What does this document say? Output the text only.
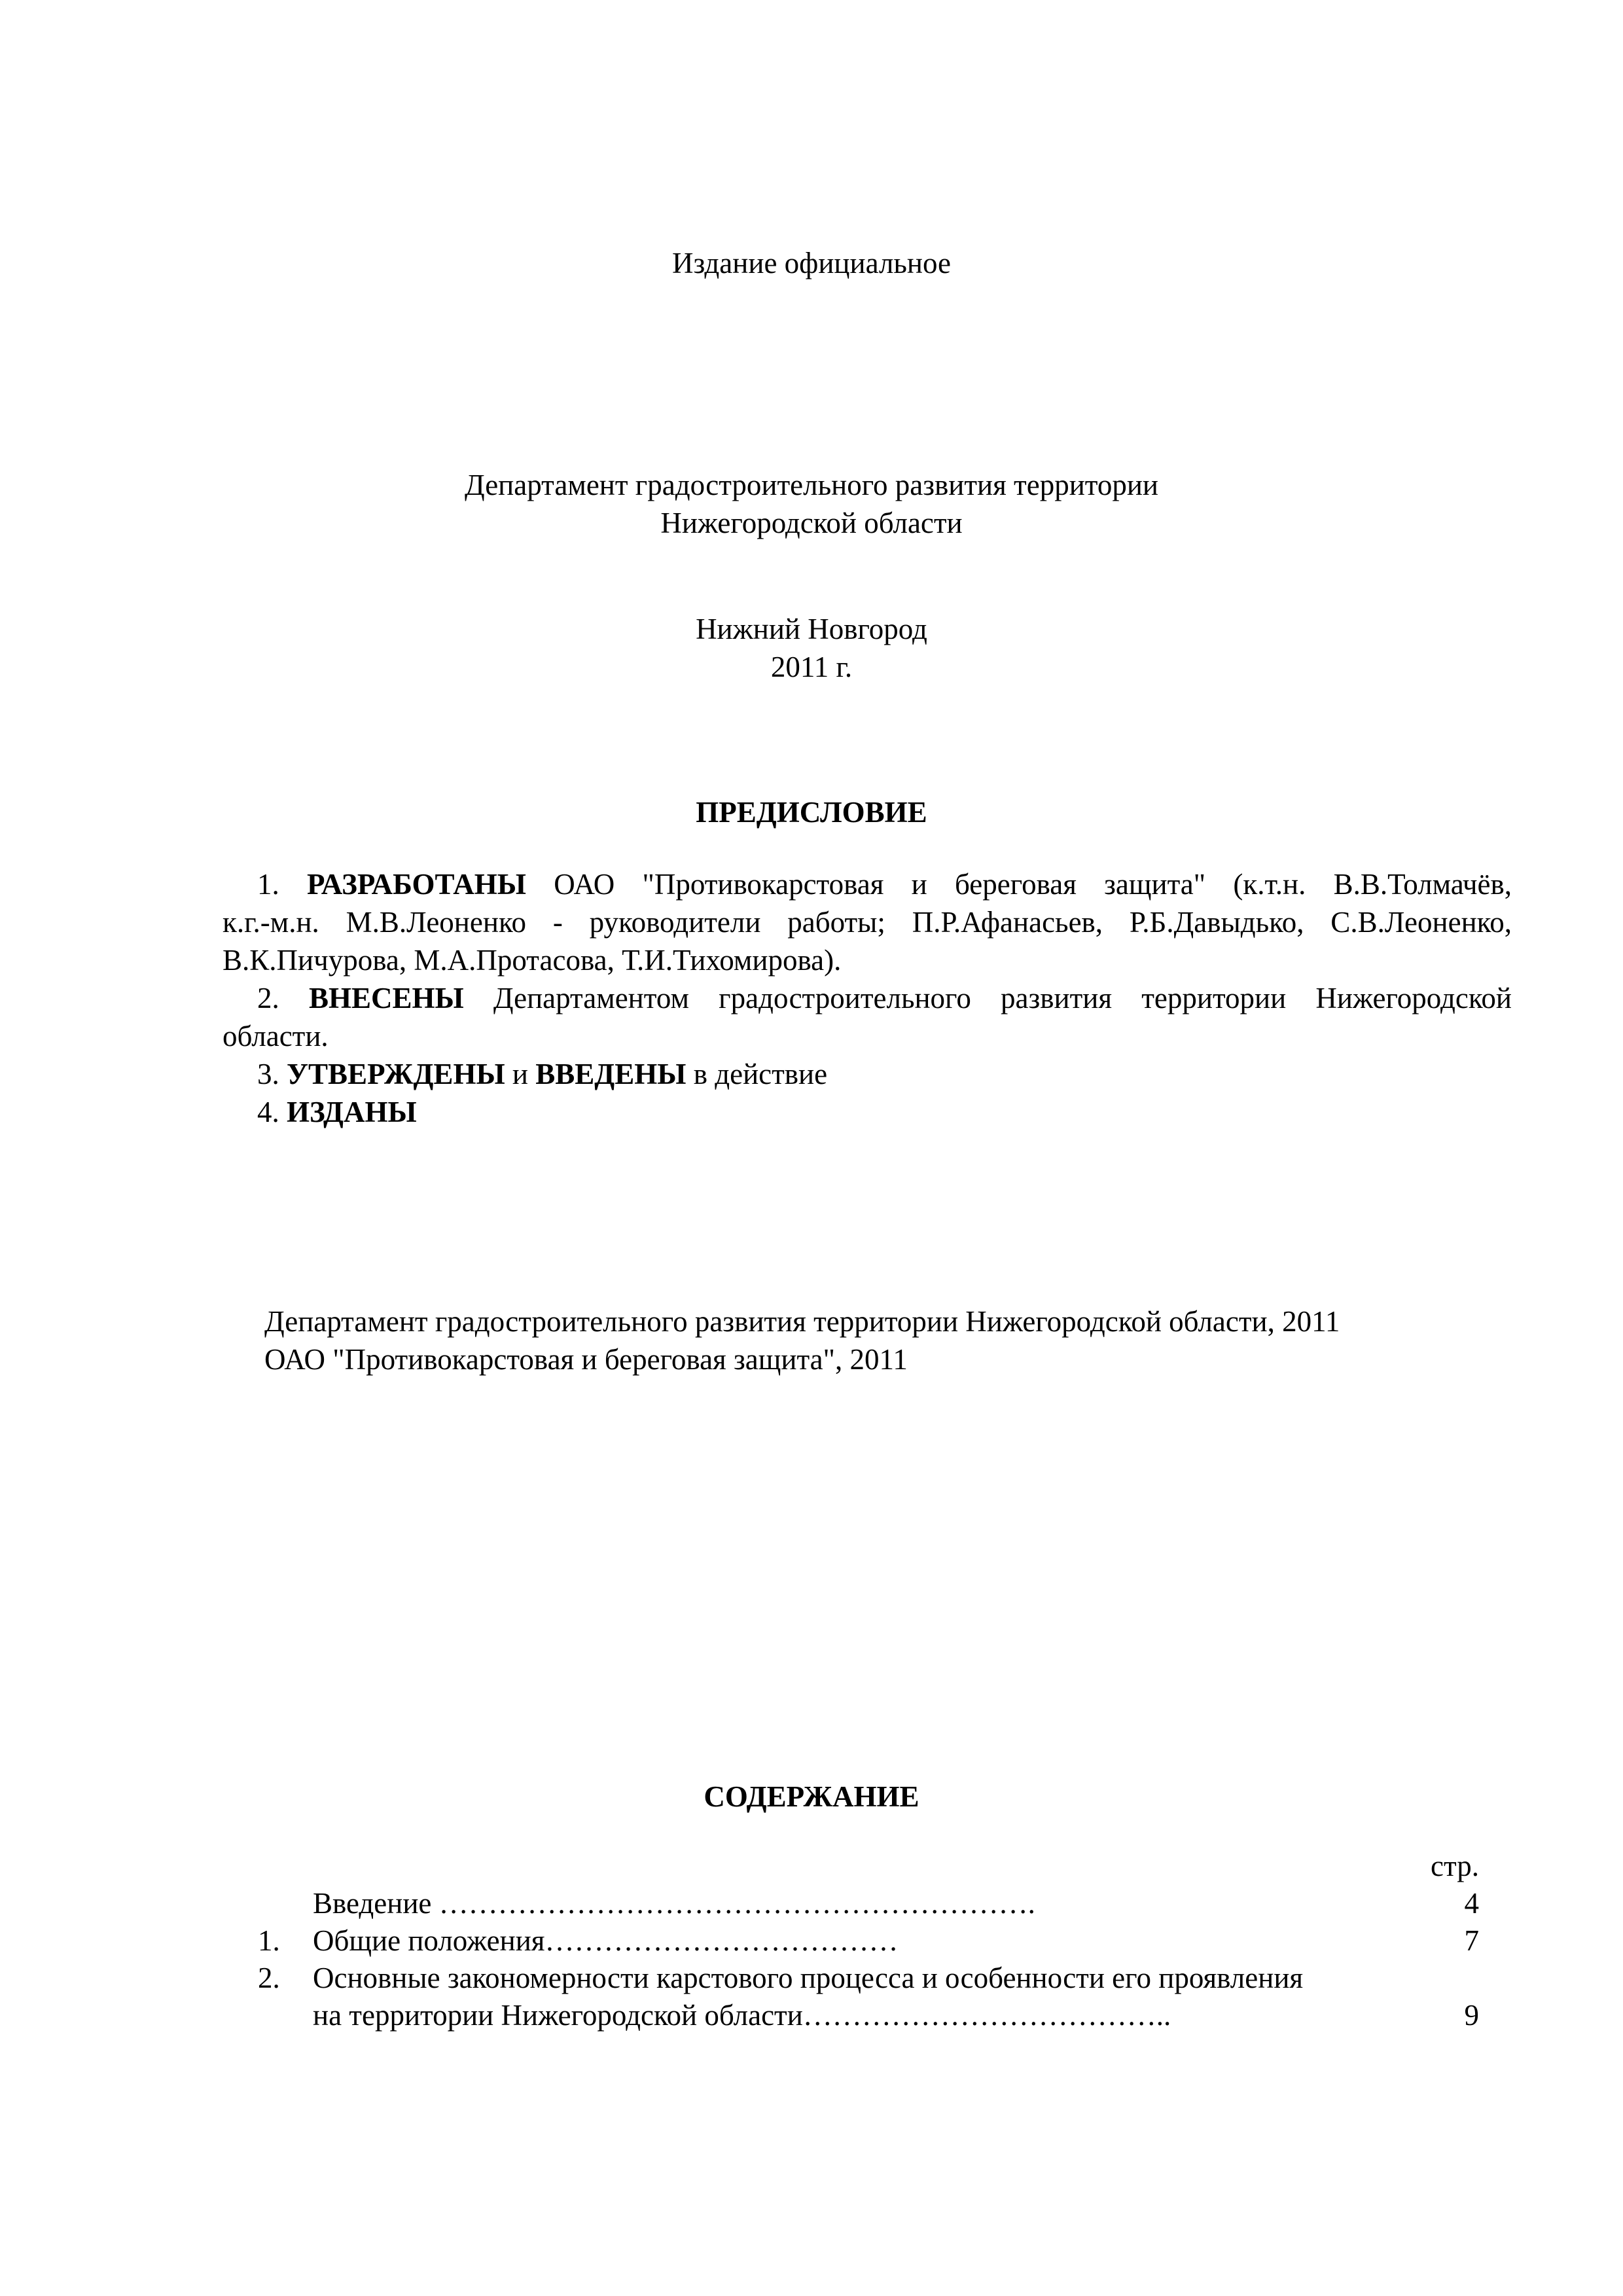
Издание официальное
Департамент градостроительного развития территории
Нижегородской области
Нижний Новгород
2011 г.
ПРЕДИСЛОВИЕ

1. РАЗРАБОТАНЫ ОАО "Противокарстовая и береговая защита" (к.т.н. В.В.Толмачёв,

к.г.-м.н. М.В.Леоненко - руководители работы; П.Р.Афанасьев, Р.Б.Давыдько, С.В.Леоненко,

В.К.Пичурова, М.А.Протасова, Т.И.Тихомирова).

2. ВНЕСЕНЫ Департаментом градостроительного развития территории Нижегородской

области.

3. УТВЕРЖДЕНЫ и ВВЕДЕНЫ в действие

4. ИЗДАНЫ

Департамент градостроительного развития территории Нижегородской области, 2011
ОАО "Противокарстовая и береговая защита", 2011
СОДЕРЖАНИЕ
стр.
Введение …………………………………………………….	4
1. Общие положения………………………………	7
2. Основные закономерности карстового процесса и особенности его проявления
на территории Нижегородской области………………………………..	9
